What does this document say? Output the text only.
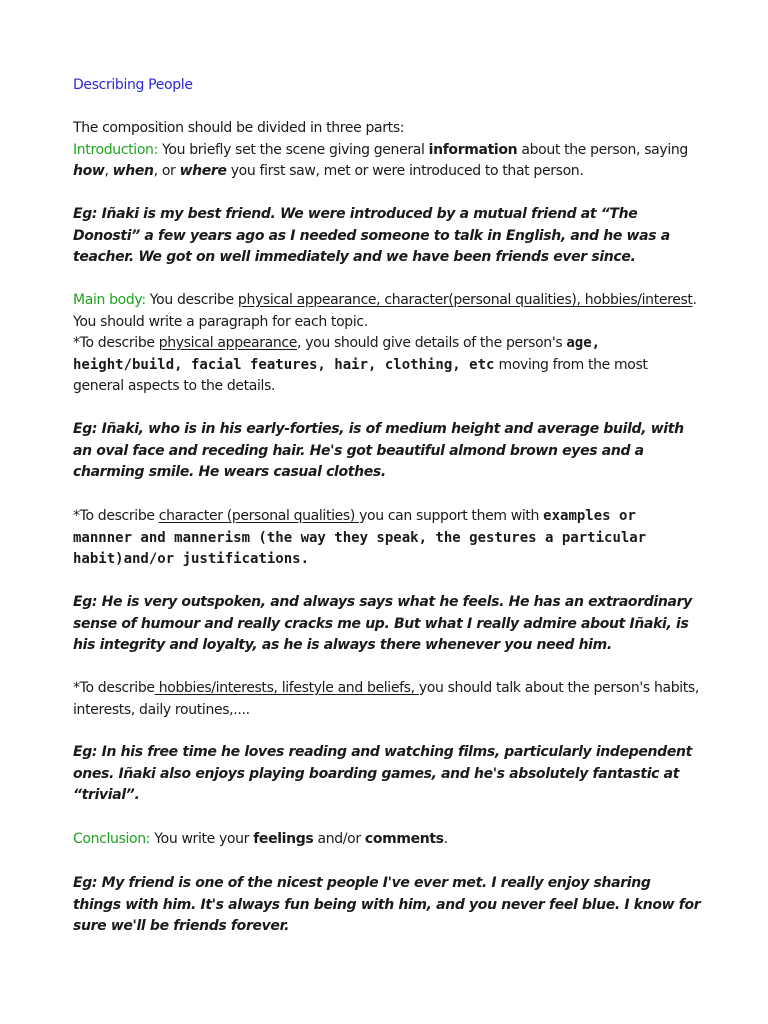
Describing People
The composition should be divided in three parts:
Introduction: You briefly set the scene giving general information about the person, saying how, when, or where you first saw, met or were introduced to that person.
Eg: Iñaki is my best friend. We were introduced by a mutual friend at “The Donosti” a few years ago as I needed someone to talk in English, and he was a teacher. We got on well immediately and we have been friends ever since.
Main body: You describe physical appearance, character(personal qualities), hobbies/interest. You should write a paragraph for each topic.
*To describe physical appearance, you should give details of the person's age, height/build, facial features, hair, clothing, etc moving from the most general aspects to the details.
Eg: Iñaki, who is in his early-forties, is of medium height and average build, with an oval face and receding hair. He's got beautiful almond brown eyes and a charming smile. He wears casual clothes.
*To describe character (personal qualities) you can support them with examples or mannner and mannerism (the way they speak, the gestures a particular habit)and/or justifications.
Eg: He is very outspoken, and always says what he feels. He has an extraordinary sense of humour and really cracks me up. But what I really admire about Iñaki, is his integrity and loyalty, as he is always there whenever you need him.
*To describe hobbies/interests, lifestyle and beliefs, you should talk about the person's habits, interests, daily routines,....
Eg: In his free time he loves reading and watching films, particularly independent ones. Iñaki also enjoys playing boarding games, and he's absolutely fantastic at “trivial”.
Conclusion: You write your feelings and/or comments.
Eg: My friend is one of the nicest people I've ever met. I really enjoy sharing things with him. It's always fun being with him, and you never feel blue. I know for sure we'll be friends forever.
